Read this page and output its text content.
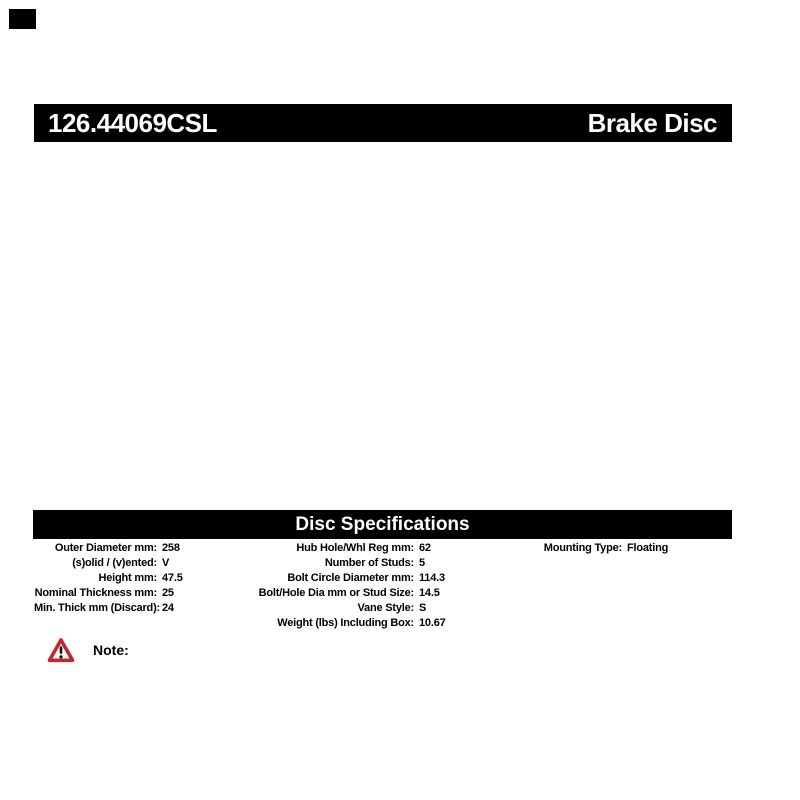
126.44069CSL	Brake Disc
Disc Specifications
Outer Diameter mm: 258
(s)olid / (v)ented: V
Height mm: 47.5
Nominal Thickness mm: 25
Min. Thick mm (Discard): 24
Hub Hole/Whl Reg mm: 62
Number of Studs: 5
Bolt Circle Diameter mm: 114.3
Bolt/Hole Dia mm or Stud Size: 14.5
Vane Style: S
Weight (lbs) Including Box: 10.67
Mounting Type: Floating
Note:
